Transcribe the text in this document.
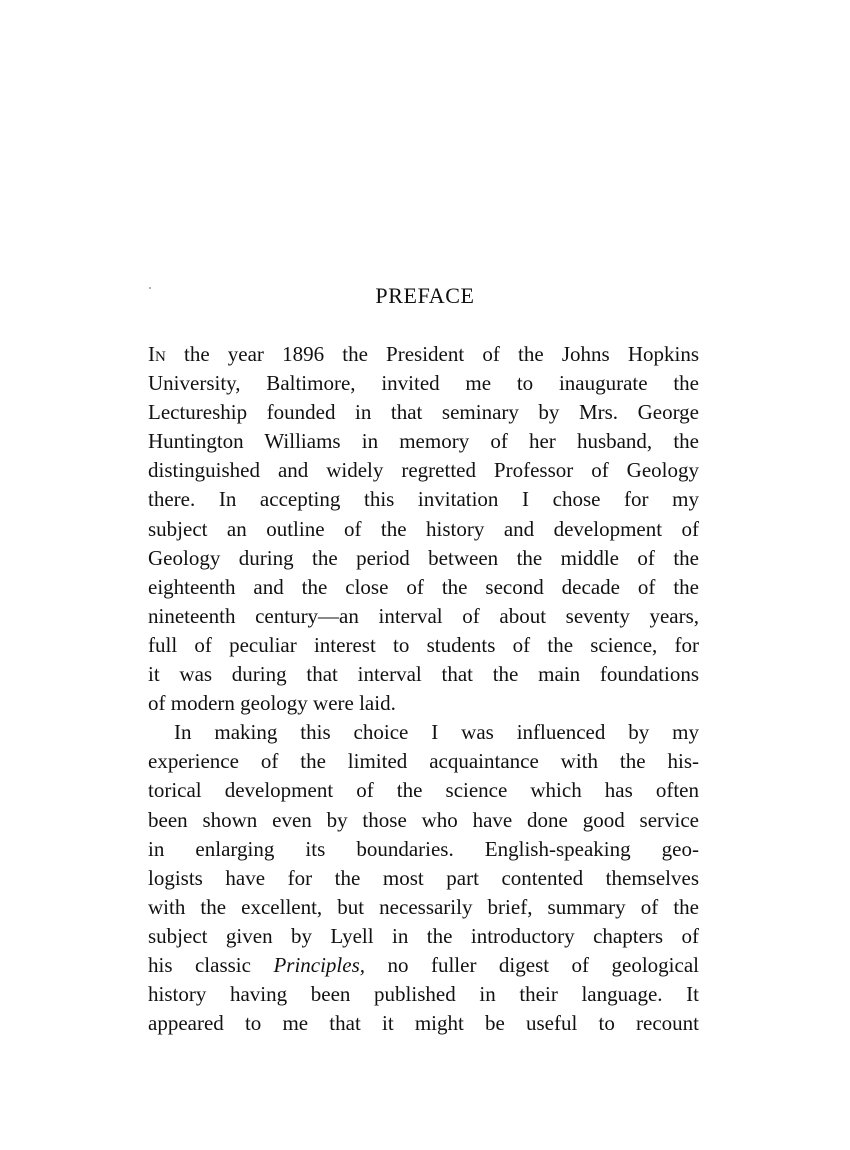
PREFACE
In the year 1896 the President of the Johns Hopkins
University, Baltimore, invited me to inaugurate the
Lectureship founded in that seminary by Mrs. George
Huntington Williams in memory of her husband, the
distinguished and widely regretted Professor of Geology
there. In accepting this invitation I chose for my
subject an outline of the history and development of
Geology during the period between the middle of the
eighteenth and the close of the second decade of the
nineteenth century—an interval of about seventy years,
full of peculiar interest to students of the science, for
it was during that interval that the main foundations
of modern geology were laid.
In making this choice I was influenced by my
experience of the limited acquaintance with the his-
torical development of the science which has often
been shown even by those who have done good service
in enlarging its boundaries. English-speaking geo-
logists have for the most part contented themselves
with the excellent, but necessarily brief, summary of the
subject given by Lyell in the introductory chapters of
his classic Principles, no fuller digest of geological
history having been published in their language. It
appeared to me that it might be useful to recount
